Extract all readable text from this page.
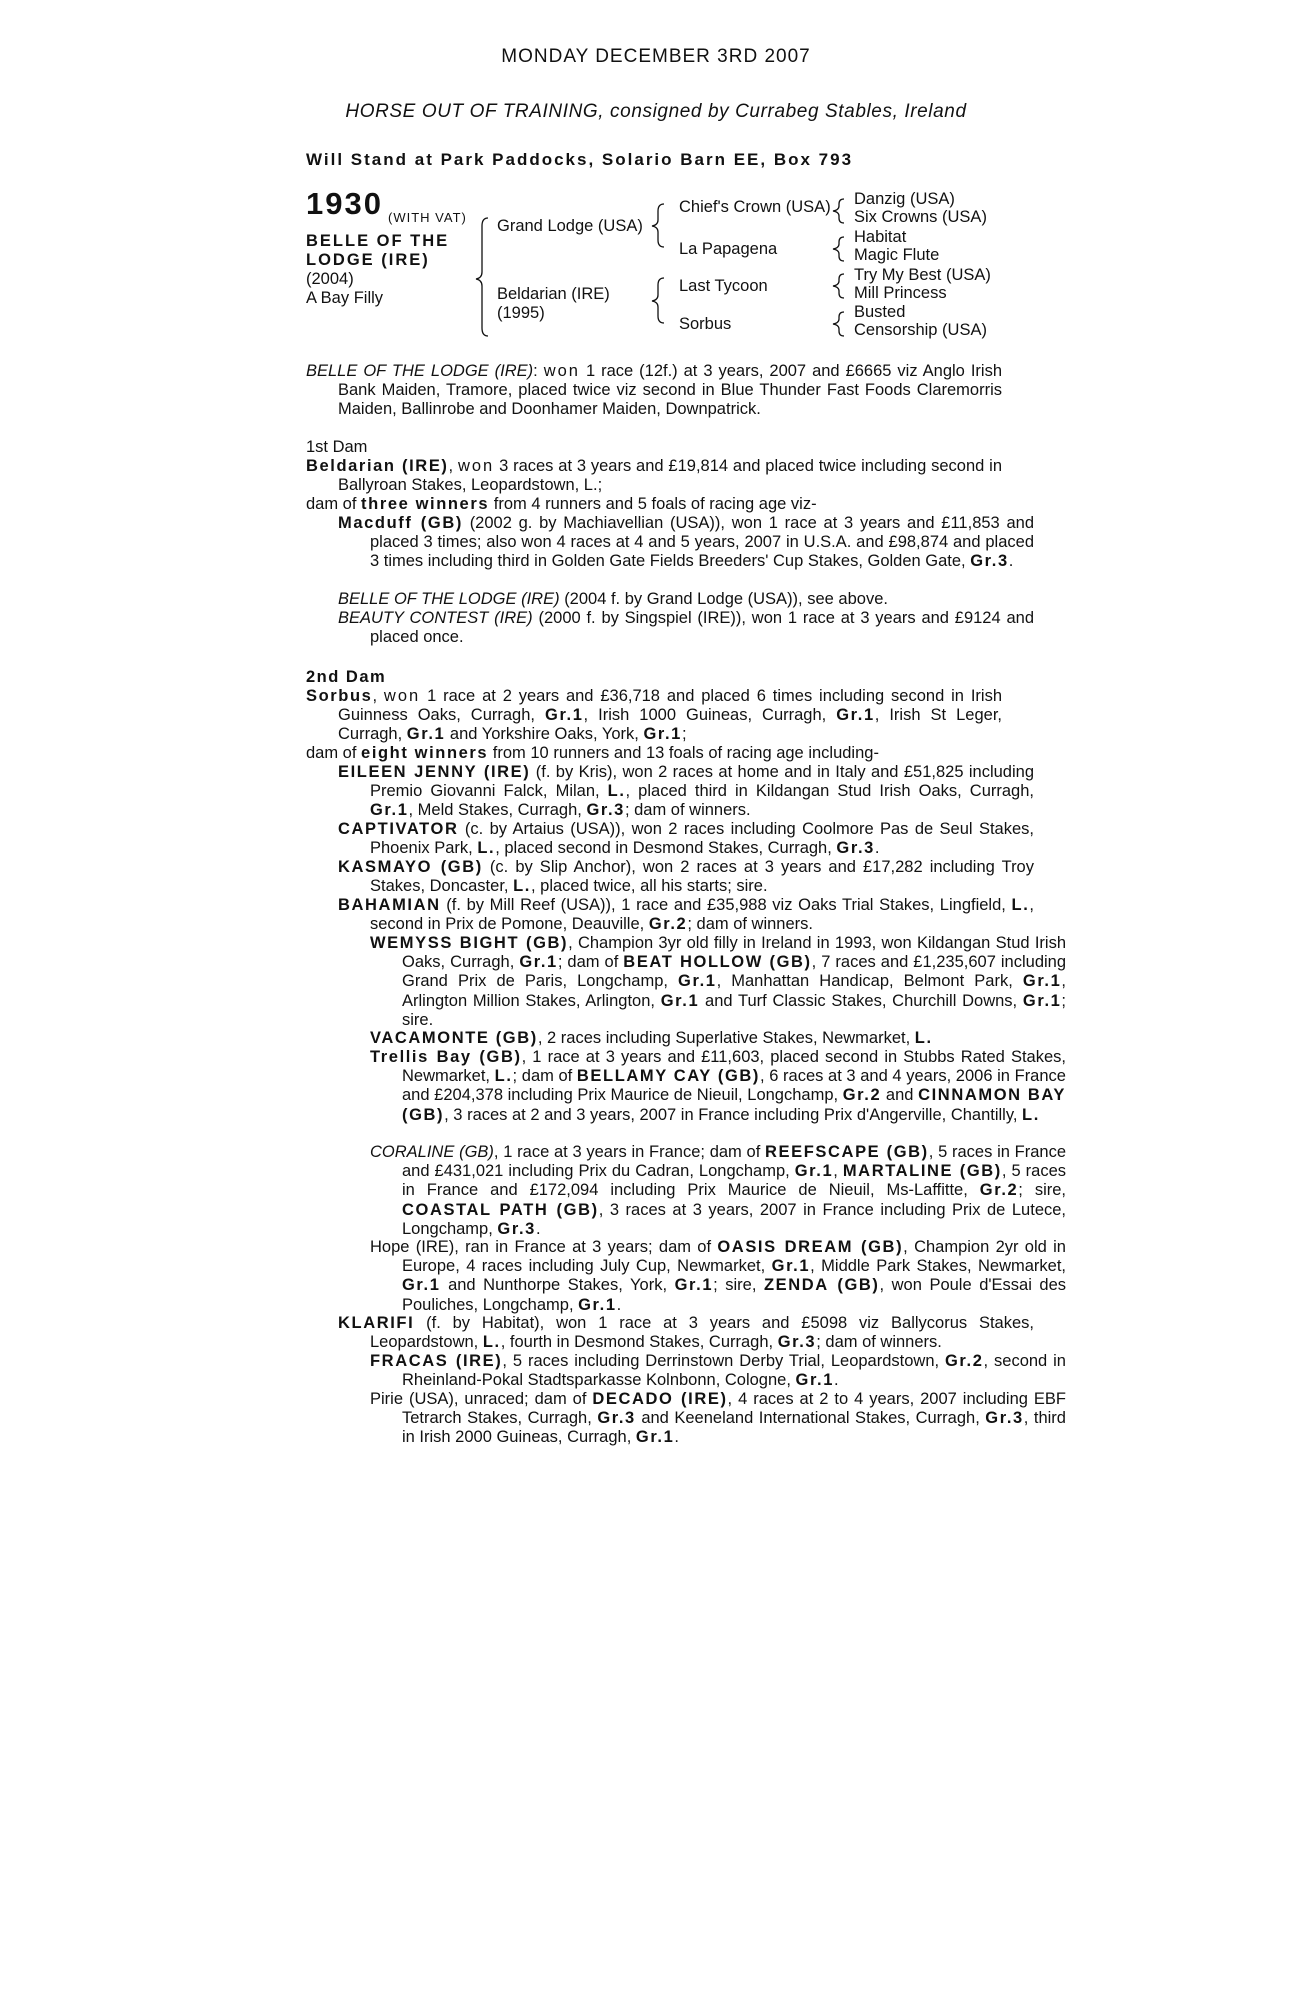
MONDAY DECEMBER 3RD 2007
HORSE OUT OF TRAINING, consigned by Currabeg Stables, Ireland
Will Stand at Park Paddocks, Solario Barn EE, Box 793
1930 (WITH VAT)
BELLE OF THE LODGE (IRE)
(2004)
A Bay Filly
Grand Lodge (USA)
Beldarian (IRE)
(1995)
Chief's Crown (USA)
La Papagena
Last Tycoon
Sorbus
Danzig (USA)
Six Crowns (USA)
Habitat
Magic Flute
Try My Best (USA)
Mill Princess
Busted
Censorship (USA)
BELLE OF THE LODGE (IRE): won 1 race (12f.) at 3 years, 2007 and £6665 viz Anglo Irish Bank Maiden, Tramore, placed twice viz second in Blue Thunder Fast Foods Claremorris Maiden, Ballinrobe and Doonhamer Maiden, Downpatrick.
1st Dam
Beldarian (IRE), won 3 races at 3 years and £19,814 and placed twice including second in Ballyroan Stakes, Leopardstown, L.;
dam of three winners from 4 runners and 5 foals of racing age viz-
Macduff (GB) (2002 g. by Machiavellian (USA)), won 1 race at 3 years and £11,853 and placed 3 times; also won 4 races at 4 and 5 years, 2007 in U.S.A. and £98,874 and placed 3 times including third in Golden Gate Fields Breeders' Cup Stakes, Golden Gate, Gr.3.
BELLE OF THE LODGE (IRE) (2004 f. by Grand Lodge (USA)), see above.
BEAUTY CONTEST (IRE) (2000 f. by Singspiel (IRE)), won 1 race at 3 years and £9124 and placed once.
2nd Dam
Sorbus, won 1 race at 2 years and £36,718 and placed 6 times including second in Irish Guinness Oaks, Curragh, Gr.1, Irish 1000 Guineas, Curragh, Gr.1, Irish St Leger, Curragh, Gr.1 and Yorkshire Oaks, York, Gr.1;
dam of eight winners from 10 runners and 13 foals of racing age including-
EILEEN JENNY (IRE) (f. by Kris), won 2 races at home and in Italy and £51,825 including Premio Giovanni Falck, Milan, L., placed third in Kildangan Stud Irish Oaks, Curragh, Gr.1, Meld Stakes, Curragh, Gr.3; dam of winners.
CAPTIVATOR (c. by Artaius (USA)), won 2 races including Coolmore Pas de Seul Stakes, Phoenix Park, L., placed second in Desmond Stakes, Curragh, Gr.3.
KASMAYO (GB) (c. by Slip Anchor), won 2 races at 3 years and £17,282 including Troy Stakes, Doncaster, L., placed twice, all his starts; sire.
BAHAMIAN (f. by Mill Reef (USA)), 1 race and £35,988 viz Oaks Trial Stakes, Lingfield, L., second in Prix de Pomone, Deauville, Gr.2; dam of winners.
WEMYSS BIGHT (GB), Champion 3yr old filly in Ireland in 1993, won Kildangan Stud Irish Oaks, Curragh, Gr.1; dam of BEAT HOLLOW (GB), 7 races and £1,235,607 including Grand Prix de Paris, Longchamp, Gr.1, Manhattan Handicap, Belmont Park, Gr.1, Arlington Million Stakes, Arlington, Gr.1 and Turf Classic Stakes, Churchill Downs, Gr.1; sire.
VACAMONTE (GB), 2 races including Superlative Stakes, Newmarket, L.
Trellis Bay (GB), 1 race at 3 years and £11,603, placed second in Stubbs Rated Stakes, Newmarket, L.; dam of BELLAMY CAY (GB), 6 races at 3 and 4 years, 2006 in France and £204,378 including Prix Maurice de Nieuil, Longchamp, Gr.2 and CINNAMON BAY (GB), 3 races at 2 and 3 years, 2007 in France including Prix d'Angerville, Chantilly, L.
CORALINE (GB), 1 race at 3 years in France; dam of REEFSCAPE (GB), 5 races in France and £431,021 including Prix du Cadran, Longchamp, Gr.1, MARTALINE (GB), 5 races in France and £172,094 including Prix Maurice de Nieuil, Ms-Laffitte, Gr.2; sire, COASTAL PATH (GB), 3 races at 3 years, 2007 in France including Prix de Lutece, Longchamp, Gr.3.
Hope (IRE), ran in France at 3 years; dam of OASIS DREAM (GB), Champion 2yr old in Europe, 4 races including July Cup, Newmarket, Gr.1, Middle Park Stakes, Newmarket, Gr.1 and Nunthorpe Stakes, York, Gr.1; sire, ZENDA (GB), won Poule d'Essai des Pouliches, Longchamp, Gr.1.
KLARIFI (f. by Habitat), won 1 race at 3 years and £5098 viz Ballycorus Stakes, Leopardstown, L., fourth in Desmond Stakes, Curragh, Gr.3; dam of winners.
FRACAS (IRE), 5 races including Derrinstown Derby Trial, Leopardstown, Gr.2, second in Rheinland-Pokal Stadtsparkasse Kolnbonn, Cologne, Gr.1.
Pirie (USA), unraced; dam of DECADO (IRE), 4 races at 2 to 4 years, 2007 including EBF Tetrarch Stakes, Curragh, Gr.3 and Keeneland International Stakes, Curragh, Gr.3, third in Irish 2000 Guineas, Curragh, Gr.1.
